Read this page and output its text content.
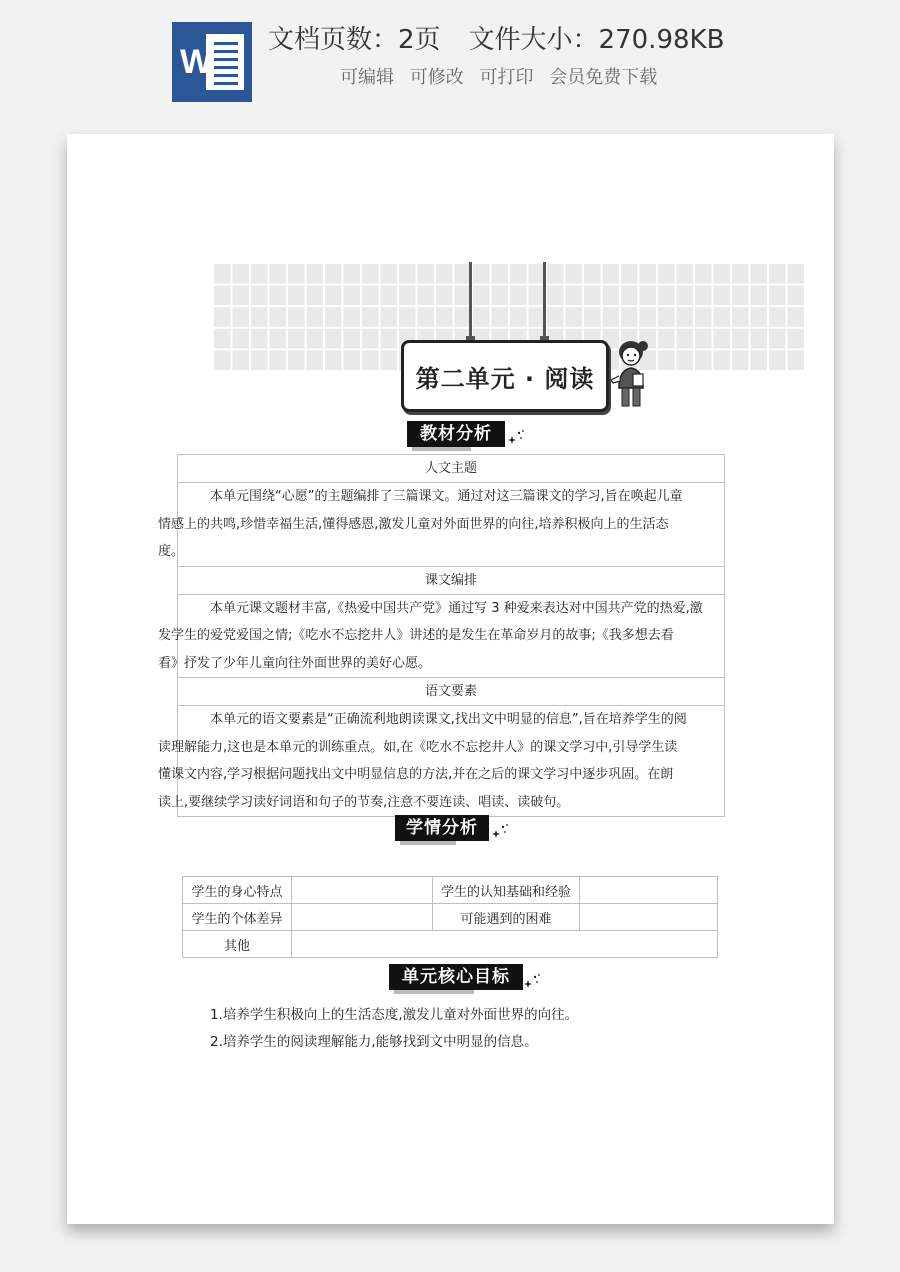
W
文档页数：2页 文件大小：270.98KB
可编辑 可修改 可打印 会员免费下载
第二单元 · 阅读
教材分析
人文主题
本单元围绕“心愿”的主题编排了三篇课文。通过对这三篇课文的学习,旨在唤起儿童
情感上的共鸣,珍惜幸福生活,懂得感恩,激发儿童对外面世界的向往,培养积极向上的生活态
度。
课文编排
本单元课文题材丰富,《热爱中国共产党》通过写 3 种爱来表达对中国共产党的热爱,激
发学生的爱党爱国之情;《吃水不忘挖井人》讲述的是发生在革命岁月的故事;《我多想去看
看》抒发了少年儿童向往外面世界的美好心愿。
语文要素
本单元的语文要素是“正确流利地朗读课文,找出文中明显的信息”,旨在培养学生的阅
读理解能力,这也是本单元的训练重点。如,在《吃水不忘挖井人》的课文学习中,引导学生读
懂课文内容,学习根据问题找出文中明显信息的方法,并在之后的课文学习中逐步巩固。在朗
读上,要继续学习读好词语和句子的节奏,注意不要连读、唱读、读破句。
学情分析
学生的身心特点		学生的认知基础和经验	
学生的个体差异		可能遇到的困难	
其他			
单元核心目标
1.培养学生积极向上的生活态度,激发儿童对外面世界的向往。
2.培养学生的阅读理解能力,能够找到文中明显的信息。
